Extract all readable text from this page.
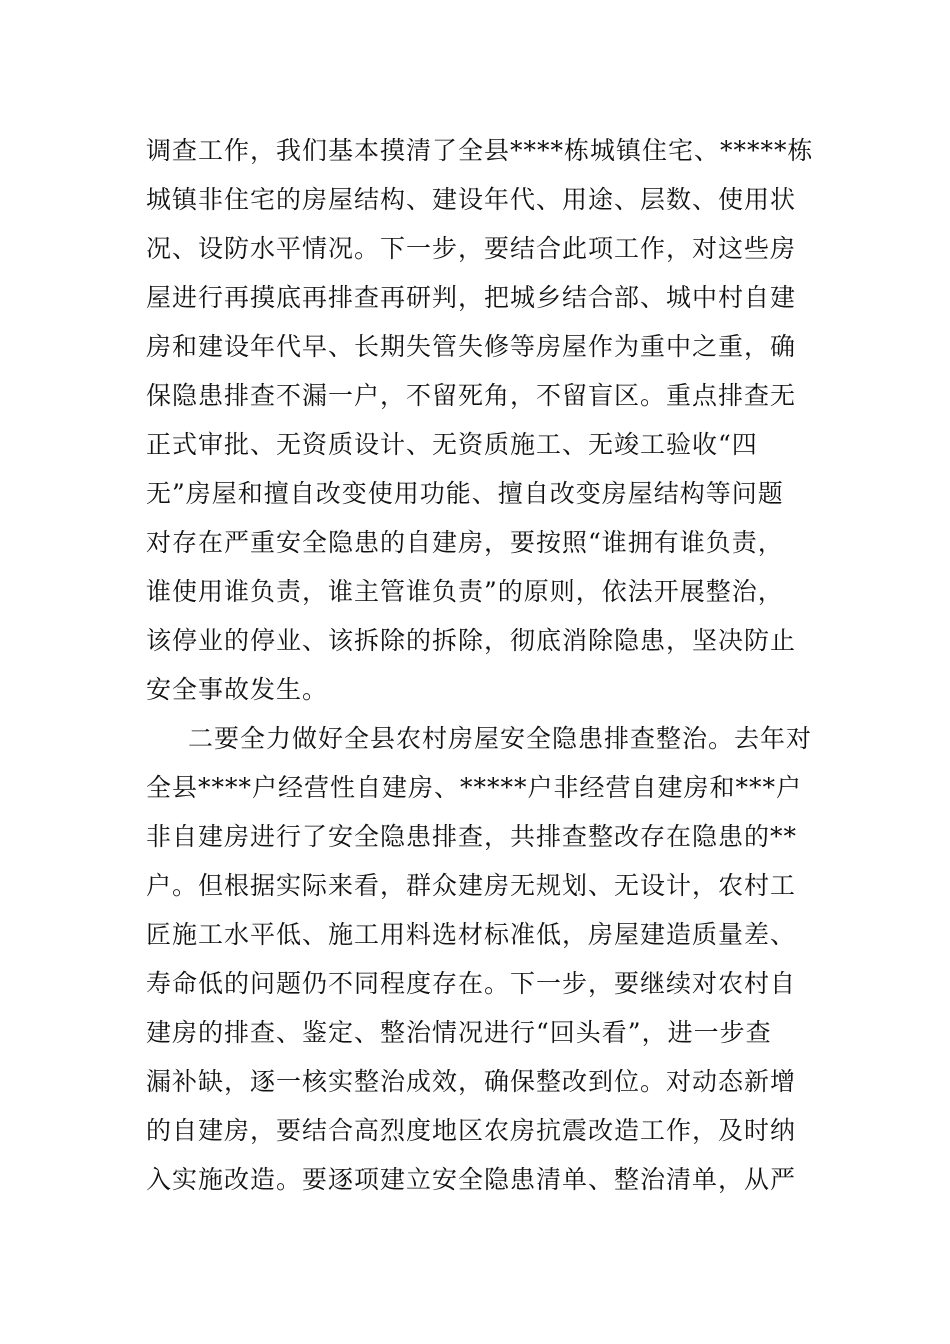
调查工作，我们基本摸清了全县****栋城镇住宅、*****栋
城镇非住宅的房屋结构、建设年代、用途、层数、使用状
况、设防水平情况。下一步，要结合此项工作，对这些房
屋进行再摸底再排查再研判，把城乡结合部、城中村自建
房和建设年代早、长期失管失修等房屋作为重中之重，确
保隐患排查不漏一户，不留死角，不留盲区。重点排查无
正式审批、无资质设计、无资质施工、无竣工验收“四
无”房屋和擅自改变使用功能、擅自改变房屋结构等问题
对存在严重安全隐患的自建房，要按照“谁拥有谁负责，
谁使用谁负责，谁主管谁负责”的原则，依法开展整治，
该停业的停业、该拆除的拆除，彻底消除隐患，坚决防止
安全事故发生。
二要全力做好全县农村房屋安全隐患排查整治。去年对
全县****户经营性自建房、*****户非经营自建房和***户
非自建房进行了安全隐患排查，共排查整改存在隐患的**
户。但根据实际来看，群众建房无规划、无设计，农村工
匠施工水平低、施工用料选材标准低，房屋建造质量差、
寿命低的问题仍不同程度存在。下一步，要继续对农村自
建房的排查、鉴定、整治情况进行“回头看”，进一步查
漏补缺，逐一核实整治成效，确保整改到位。对动态新增
的自建房，要结合高烈度地区农房抗震改造工作，及时纳
入实施改造。要逐项建立安全隐患清单、整治清单，从严
